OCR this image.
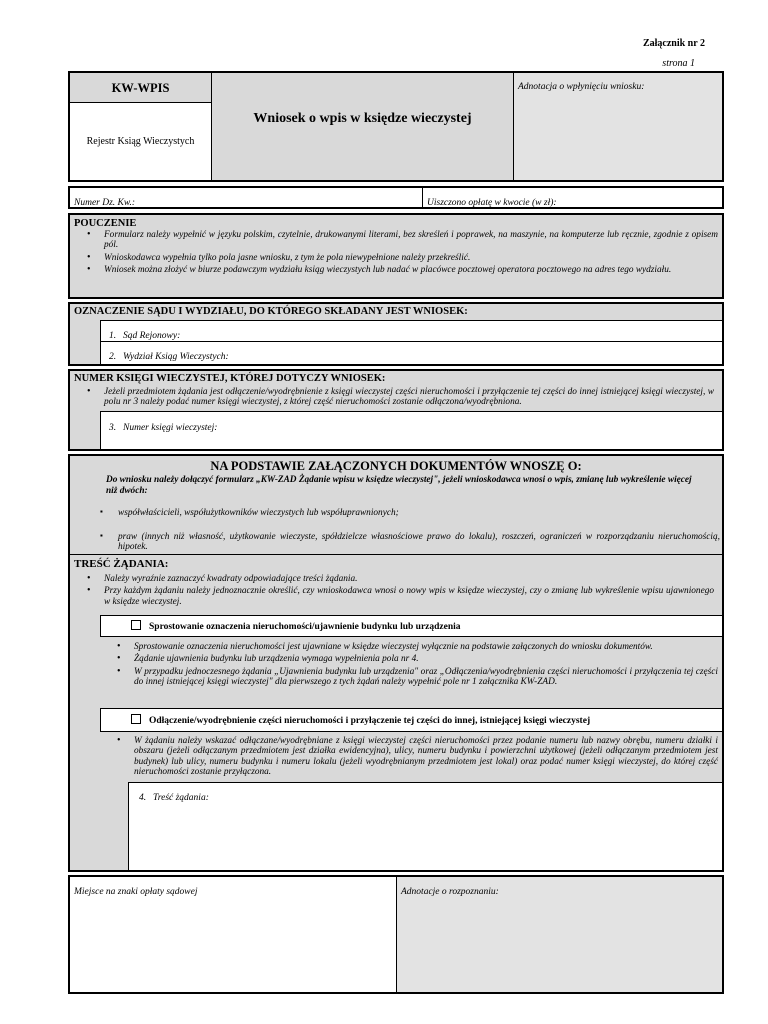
Załącznik nr 2
strona 1
KW-WPIS
Rejestr Ksiąg Wieczystych
Wniosek o wpis w księdze wieczystej
Adnotacja o wpłynięciu wniosku:
Numer Dz. Kw.:	Uiszczono opłatę w kwocie (w zł):
POUCZENIE
• Formularz należy wypełnić w języku polskim, czytelnie, drukowanymi literami, bez skreśleń i poprawek, na maszynie, na komputerze lub ręcznie, zgodnie z opisem pól.
• Wnioskodawca wypełnia tylko pola jasne wniosku, z tym że pola niewypełnione należy przekreślić.
• Wniosek można złożyć w biurze podawczym wydziału ksiąg wieczystych lub nadać w placówce pocztowej operatora pocztowego na adres tego wydziału.
OZNACZENIE SĄDU I WYDZIAŁU, DO KTÓREGO SKŁADANY JEST WNIOSEK:
1. Sąd Rejonowy:
2. Wydział Ksiąg Wieczystych:
NUMER KSIĘGI WIECZYSTEJ, KTÓREJ DOTYCZY WNIOSEK:
• Jeżeli przedmiotem żądania jest odłączenie/wyodrębnienie z księgi wieczystej części nieruchomości i przyłączenie tej części do innej istniejącej księgi wieczystej, w polu nr 3 należy podać numer księgi wieczystej, z której część nieruchomości zostanie odłączona/wyodrębniona.
3. Numer księgi wieczystej:
NA PODSTAWIE ZAŁĄCZONYCH DOKUMENTÓW WNOSZĘ O:
Do wniosku należy dołączyć formularz „KW-ZAD Żądanie wpisu w księdze wieczystej", jeżeli wnioskodawca wnosi o wpis, zmianę lub wykreślenie więcej niż dwóch:
▪	współwłaścicieli, współużytkowników wieczystych lub współuprawnionych;
▪	praw (innych niż własność, użytkowanie wieczyste, spółdzielcze własnościowe prawo do lokalu), roszczeń, ograniczeń w rozporządzaniu nieruchomością, hipotek.
TREŚĆ ŻĄDANIA:
• Należy wyraźnie zaznaczyć kwadraty odpowiadające treści żądania.
• Przy każdym żądaniu należy jednoznacznie określić, czy wnioskodawca wnosi o nowy wpis w księdze wieczystej, czy o zmianę lub wykreślenie wpisu ujawnionego w księdze wieczystej.
Sprostowanie oznaczenia nieruchomości/ujawnienie budynku lub urządzenia
• Sprostowanie oznaczenia nieruchomości jest ujawniane w księdze wieczystej wyłącznie na podstawie załączonych do wniosku dokumentów.
• Żądanie ujawnienia budynku lub urządzenia wymaga wypełnienia pola nr 4.
• W przypadku jednoczesnego żądania „Ujawnienia budynku lub urządzenia" oraz „Odłączenia/wyodrębnienia części nieruchomości i przyłączenia tej części do innej istniejącej księgi wieczystej" dla pierwszego z tych żądań należy wypełnić pole nr 1 załącznika KW-ZAD.
Odłączenie/wyodrębnienie części nieruchomości i przyłączenie tej części do innej, istniejącej księgi wieczystej
• W żądaniu należy wskazać odłączane/wyodrębniane z księgi wieczystej części nieruchomości przez podanie numeru lub nazwy obrębu, numeru działki i obszaru (jeżeli odłączanym przedmiotem jest działka ewidencyjna), ulicy, numeru budynku i powierzchni użytkowej (jeżeli odłączanym przedmiotem jest budynek) lub ulicy, numeru budynku i numeru lokalu (jeżeli wyodrębnianym przedmiotem jest lokal) oraz podać numer księgi wieczystej, do której część nieruchomości zostanie przyłączona.
4. Treść żądania:
Miejsce na znaki opłaty sądowej	Adnotacje o rozpoznaniu:
